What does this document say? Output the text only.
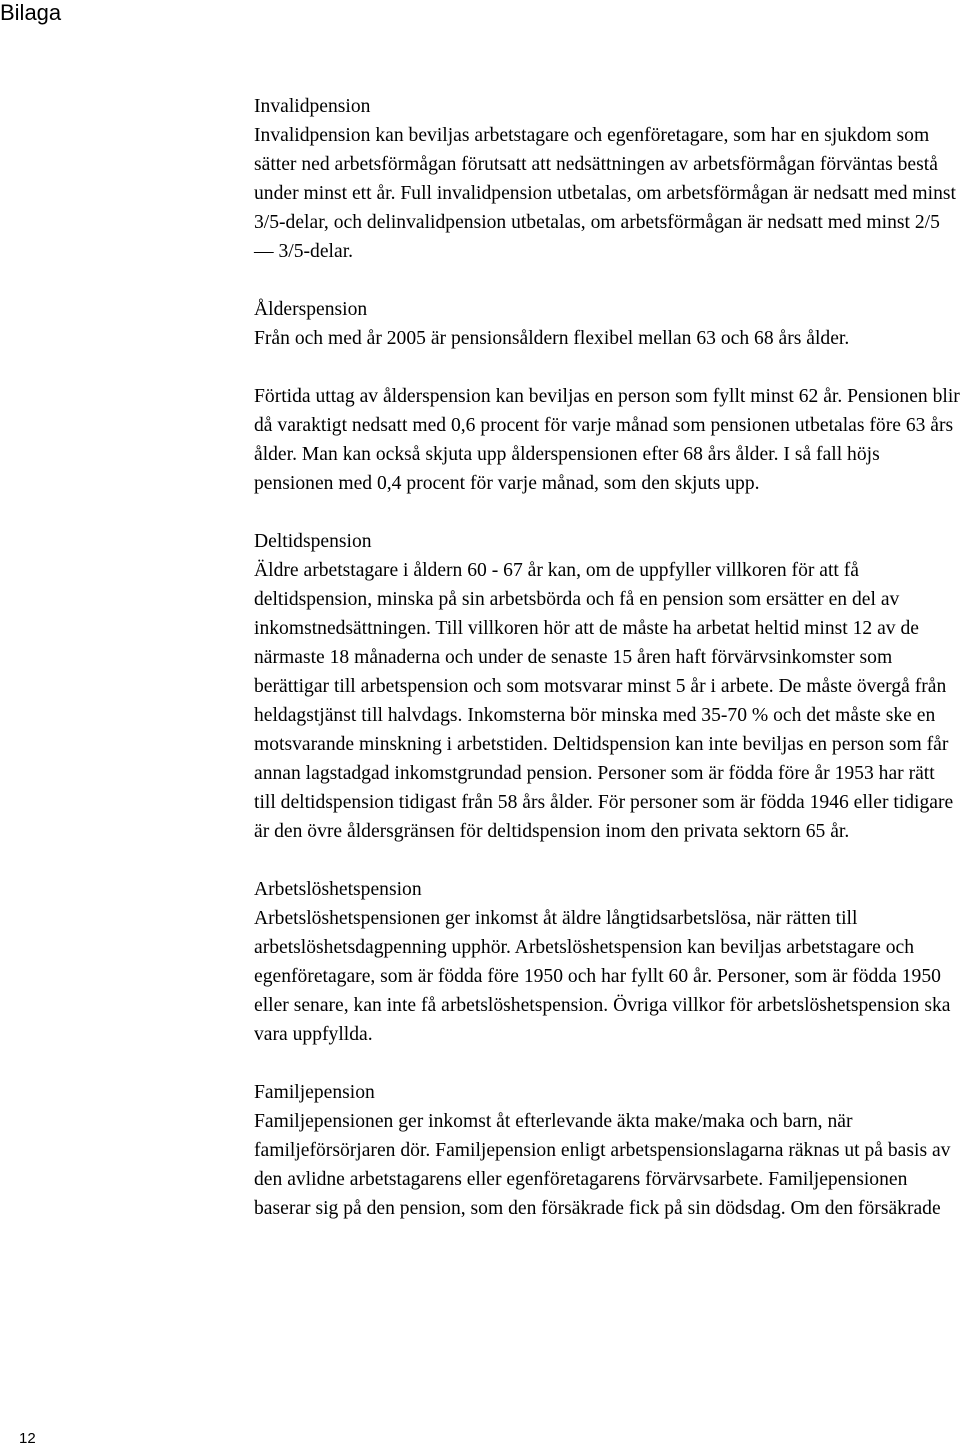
Bilaga
Invalidpension

Invalidpension kan beviljas arbetstagare och egenföretagare, som har en sjukdom som sätter ned arbetsförmågan förutsatt att nedsättningen av arbetsförmågan förväntas bestå under minst ett år. Full invalidpension utbetalas, om arbetsförmågan är nedsatt med minst 3/5-delar, och delinvalidpension utbetalas, om arbetsförmågan är nedsatt med minst 2/5 — 3/5-delar.

Ålderspension

Från och med år 2005 är pensionsåldern flexibel mellan 63 och 68 års ålder.

Förtida uttag av ålderspension kan beviljas en person som fyllt minst 62 år. Pensionen blir då varaktigt nedsatt med 0,6 procent för varje månad som pensionen utbetalas före 63 års ålder. Man kan också skjuta upp ålderspensionen efter 68 års ålder. I så fall höjs pensionen med 0,4 procent för varje månad, som den skjuts upp.

Deltidspension

Äldre arbetstagare i åldern 60 - 67 år kan, om de uppfyller villkoren för att få deltidspension, minska på sin arbetsbörda och få en pension som ersätter en del av inkomstnedsättningen. Till villkoren hör att de måste ha arbetat heltid minst 12 av de närmaste 18 månaderna och under de senaste 15 åren haft förvärvsinkomster som berättigar till arbetspension och som motsvarar minst 5 år i arbete. De måste övergå från heldagstjänst till halvdags. Inkomsterna bör minska med 35-70 % och det måste ske en motsvarande minskning i arbetstiden. Deltidspension kan inte beviljas en person som får annan lagstadgad inkomstgrundad pension. Personer som är födda före år 1953 har rätt till deltidspension tidigast från 58 års ålder. För personer som är födda 1946 eller tidigare är den övre åldersgränsen för deltidspension inom den privata sektorn 65 år.

Arbetslöshetspension

Arbetslöshetspensionen ger inkomst åt äldre långtidsarbetslösa, när rätten till arbetslöshetsdagpenning upphör. Arbetslöshetspension kan beviljas arbetstagare och egenföretagare, som är födda före 1950 och har fyllt 60 år. Personer, som är födda 1950 eller senare, kan inte få arbetslöshetspension. Övriga villkor för arbetslöshetspension ska vara uppfyllda.

Familjepension

Familjepensionen ger inkomst åt efterlevande äkta make/maka och barn, när familjeförsörjaren dör. Familjepension enligt arbetspensionslagarna räknas ut på basis av den avlidne arbetstagarens eller egenföretagarens förvärvsarbete. Familjepensionen baserar sig på den pension, som den försäkrade fick på sin dödsdag. Om den försäkrade

12
